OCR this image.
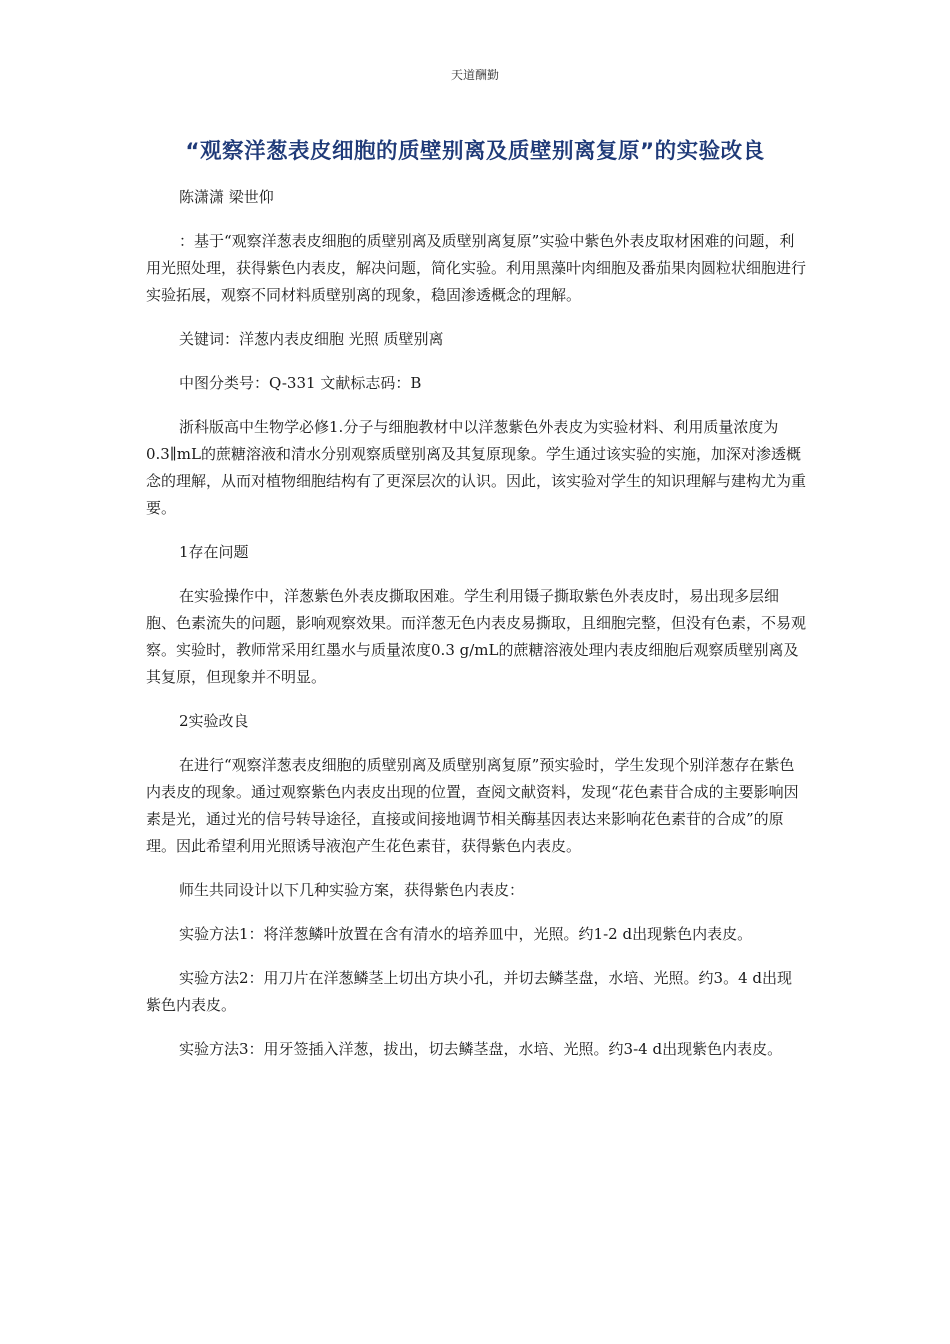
天道酬勤
“观察洋葱表皮细胞的质壁别离及质壁别离复原”的实验改良

陈潇潇 梁世仰

：基于“观察洋葱表皮细胞的质壁别离及质壁别离复原”实验中紫色外表皮取材困难的问题，利用光照处理，获得紫色内表皮，解决问题，简化实验。利用黑藻叶肉细胞及番茄果肉圆粒状细胞进行实验拓展，观察不同材料质壁别离的现象，稳固渗透概念的理解。

关键词：洋葱内表皮细胞 光照 质壁别离

中图分类号：Q-331 文献标志码：B

浙科版高中生物学必修1.分子与细胞教材中以洋葱紫色外表皮为实验材料、利用质量浓度为0.3∥mL的蔗糖溶液和清水分别观察质壁别离及其复原现象。学生通过该实验的实施，加深对渗透概念的理解，从而对植物细胞结构有了更深层次的认识。因此，该实验对学生的知识理解与建构尤为重要。

1存在问题

在实验操作中，洋葱紫色外表皮撕取困难。学生利用镊子撕取紫色外表皮时，易出现多层细胞、色素流失的问题，影响观察效果。而洋葱无色内表皮易撕取，且细胞完整，但没有色素，不易观察。实验时，教师常采用红墨水与质量浓度0.3 g/mL的蔗糖溶液处理内表皮细胞后观察质壁别离及其复原，但现象并不明显。

2实验改良

在进行“观察洋葱表皮细胞的质壁别离及质壁别离复原”预实验时，学生发现个别洋葱存在紫色内表皮的现象。通过观察紫色内表皮出现的位置，查阅文献资料，发现“花色素苷合成的主要影响因素是光，通过光的信号转导途径，直接或间接地调节相关酶基因表达来影响花色素苷的合成”的原理。因此希望利用光照诱导液泡产生花色素苷，获得紫色内表皮。

师生共同设计以下几种实验方案，获得紫色内表皮：

实验方法1：将洋葱鳞叶放置在含有清水的培养皿中，光照。约1-2 d出现紫色内表皮。

实验方法2：用刀片在洋葱鳞茎上切出方块小孔，并切去鳞茎盘，水培、光照。约3。4 d出现紫色内表皮。

实验方法3：用牙签插入洋葱，拔出，切去鳞茎盘，水培、光照。约3-4 d出现紫色内表皮。
